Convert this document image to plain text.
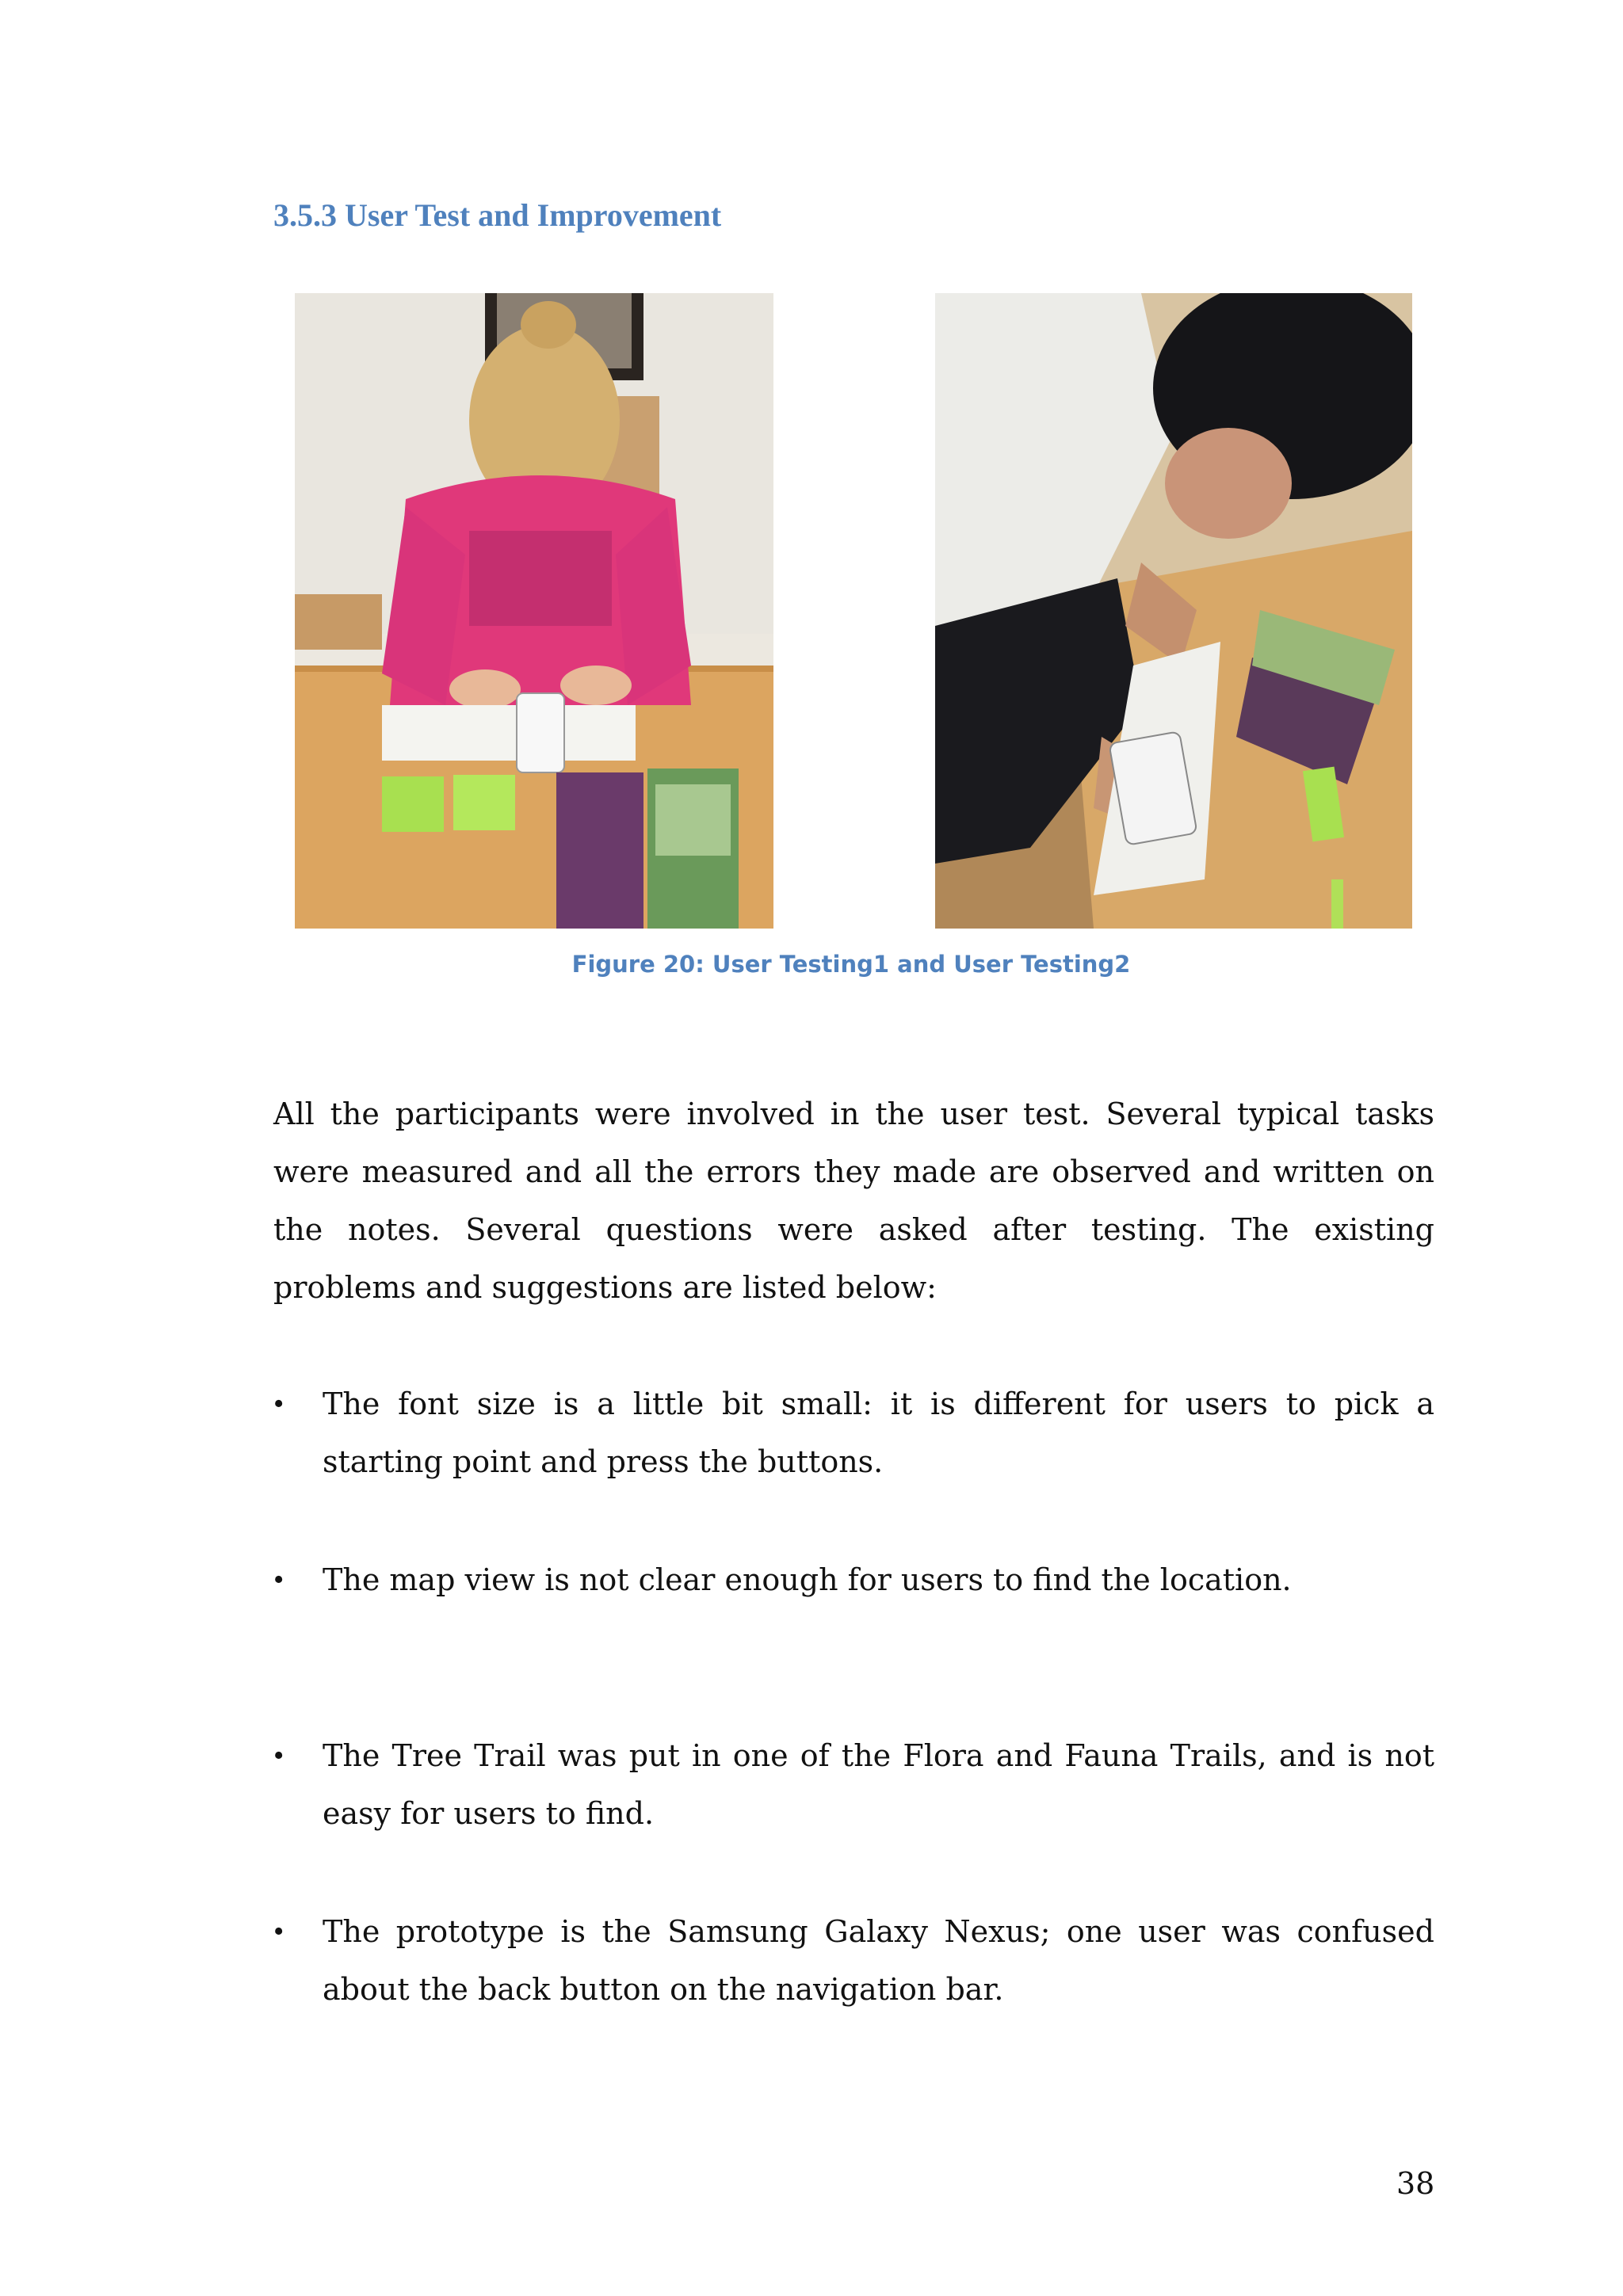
3.5.3 User Test and Improvement
Figure 20: User Testing1 and User Testing2
All the participants were involved in the user test. Several typical tasks were measured and all the errors they made are observed and written on the notes. Several questions were asked after testing. The existing problems and suggestions are listed below:
• The font size is a little bit small: it is different for users to pick a starting point and press the buttons.
• The map view is not clear enough for users to find the location.
• The Tree Trail was put in one of the Flora and Fauna Trails, and is not easy for users to find.
• The prototype is the Samsung Galaxy Nexus; one user was confused about the back button on the navigation bar.
38
